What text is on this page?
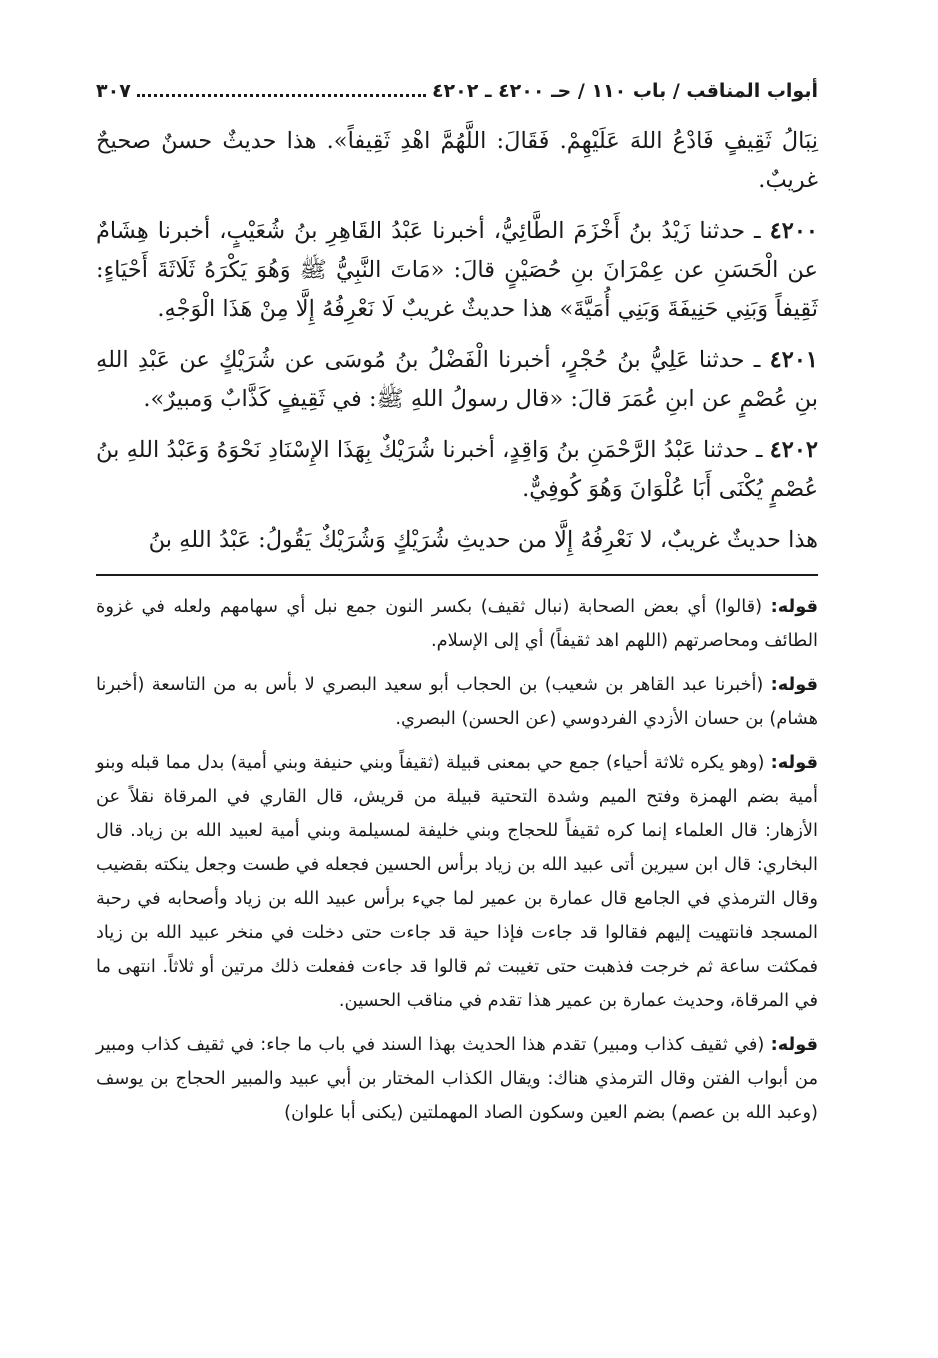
أبواب المناقب / باب ١١٠ / حـ ٤٢٠٠ ـ ٤٢٠٢
٣٠٧

نِبَالُ ثَقِيفٍ فَادْعُ اللهَ عَلَيْهِمْ. فَقَالَ: اللَّهُمَّ اهْدِ ثَقِيفاً». هذا حديثٌ حسنٌ صحيحٌ غريبٌ.

٤٢٠٠ ـ حدثنا زَيْدُ بنُ أَخْزَمَ الطَّائِيُّ، أخبرنا عَبْدُ القَاهِرِ بنُ شُعَيْبٍ، أخبرنا هِشَامٌ عن الْحَسَنِ عن عِمْرَانَ بنِ حُصَيْنٍ قالَ: «مَاتَ النَّبِيُّ ﷺ وَهُوَ يَكْرَهُ ثَلَاثَةَ أَحْيَاءٍ: ثَقِيفاً وَبَنِي حَنِيفَةَ وَبَنِي أُمَيَّةَ» هذا حديثٌ غريبٌ لَا نَعْرِفُهُ إِلَّا مِنْ هَذَا الْوَجْهِ.

٤٢٠١ ـ حدثنا عَلِيُّ بنُ حُجْرٍ، أخبرنا الْفَضْلُ بنُ مُوسَى عن شُرَيْكٍ عن عَبْدِ اللهِ بنِ عُصْمٍ عن ابنِ عُمَرَ قالَ: «قال رسولُ اللهِ ﷺ: في ثَقِيفٍ كَذَّابٌ وَمبيرٌ».

٤٢٠٢ ـ حدثنا عَبْدُ الرَّحْمَنِ بنُ وَاقِدٍ، أخبرنا شُرَيْكٌ بِهَذَا الإِسْنَادِ نَحْوَهُ وَعَبْدُ اللهِ بنُ عُصْمٍ يُكْنَى أَبَا عُلْوَانَ وَهُوَ كُوفِيٌّ.

هذا حديثٌ غريبٌ، لا نَعْرِفُهُ إِلَّا من حديثِ شُرَيْكٍ وَشُرَيْكٌ يَقُولُ: عَبْدُ اللهِ بنُ

قوله: (قالوا) أي بعض الصحابة (نبال ثقيف) بكسر النون جمع نبل أي سهامهم ولعله في غزوة الطائف ومحاصرتهم (اللهم اهد ثقيفاً) أي إلى الإسلام.

قوله: (أخبرنا عبد القاهر بن شعيب) بن الحجاب أبو سعيد البصري لا بأس به من التاسعة (أخبرنا هشام) بن حسان الأزدي الفردوسي (عن الحسن) البصري.

قوله: (وهو يكره ثلاثة أحياء) جمع حي بمعنى قبيلة (ثقيفاً وبني حنيفة وبني أمية) بدل مما قبله وبنو أمية بضم الهمزة وفتح الميم وشدة التحتية قبيلة من قريش، قال القاري في المرقاة نقلاً عن الأزهار: قال العلماء إنما كره ثقيفاً للحجاج وبني خليفة لمسيلمة وبني أمية لعبيد الله بن زياد. قال البخاري: قال ابن سيرين أتى عبيد الله بن زياد برأس الحسين فجعله في طست وجعل ينكته بقضيب وقال الترمذي في الجامع قال عمارة بن عمير لما جيء برأس عبيد الله بن زياد وأصحابه في رحبة المسجد فانتهيت إليهم فقالوا قد جاءت فإذا حية قد جاءت حتى دخلت في منخر عبيد الله بن زياد فمكثت ساعة ثم خرجت فذهبت حتى تغيبت ثم قالوا قد جاءت ففعلت ذلك مرتين أو ثلاثاً. انتهى ما في المرقاة، وحديث عمارة بن عمير هذا تقدم في مناقب الحسين.

قوله: (في ثقيف كذاب ومبير) تقدم هذا الحديث بهذا السند في باب ما جاء: في ثقيف كذاب ومبير من أبواب الفتن وقال الترمذي هناك: ويقال الكذاب المختار بن أبي عبيد والمبير الحجاج بن يوسف (وعبد الله بن عصم) بضم العين وسكون الصاد المهملتين (يكنى أبا علوان)
